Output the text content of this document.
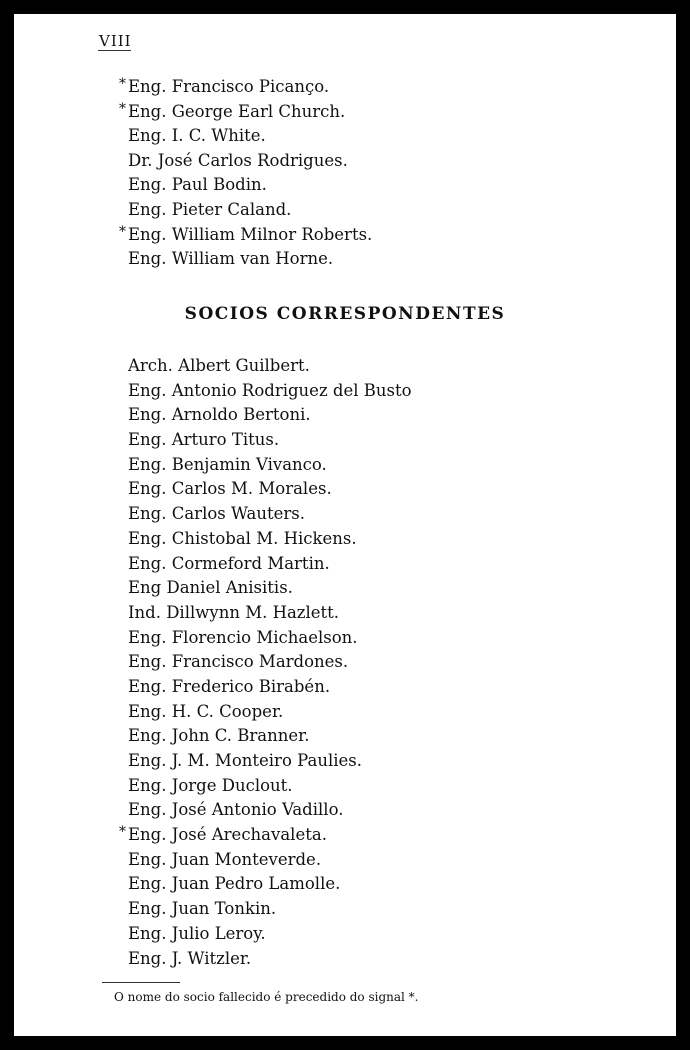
VIII
* Eng. Francisco Picanço.
* Eng. George Earl Church.
Eng. I. C. White.
Dr. José Carlos Rodrigues.
Eng. Paul Bodin.
Eng. Pieter Caland.
* Eng. William Milnor Roberts.
Eng. William van Horne.
SOCIOS CORRESPONDENTES
Arch. Albert Guilbert.
Eng. Antonio Rodriguez del Busto
Eng. Arnoldo Bertoni.
Eng. Arturo Titus.
Eng. Benjamin Vivanco.
Eng. Carlos M. Morales.
Eng. Carlos Wauters.
Eng. Chistobal M. Hickens.
Eng. Cormeford Martin.
Eng Daniel Anisitis.
Ind. Dillwynn M. Hazlett.
Eng. Florencio Michaelson.
Eng. Francisco Mardones.
Eng. Frederico Birabén.
Eng. H. C. Cooper.
Eng. John C. Branner.
Eng. J. M. Monteiro Paulies.
Eng. Jorge Duclout.
Eng. José Antonio Vadillo.
* Eng. José Arechavaleta.
Eng. Juan Monteverde.
Eng. Juan Pedro Lamolle.
Eng. Juan Tonkin.
Eng. Julio Leroy.
Eng. J. Witzler.
O nome do socio fallecido é precedido do signal *.
